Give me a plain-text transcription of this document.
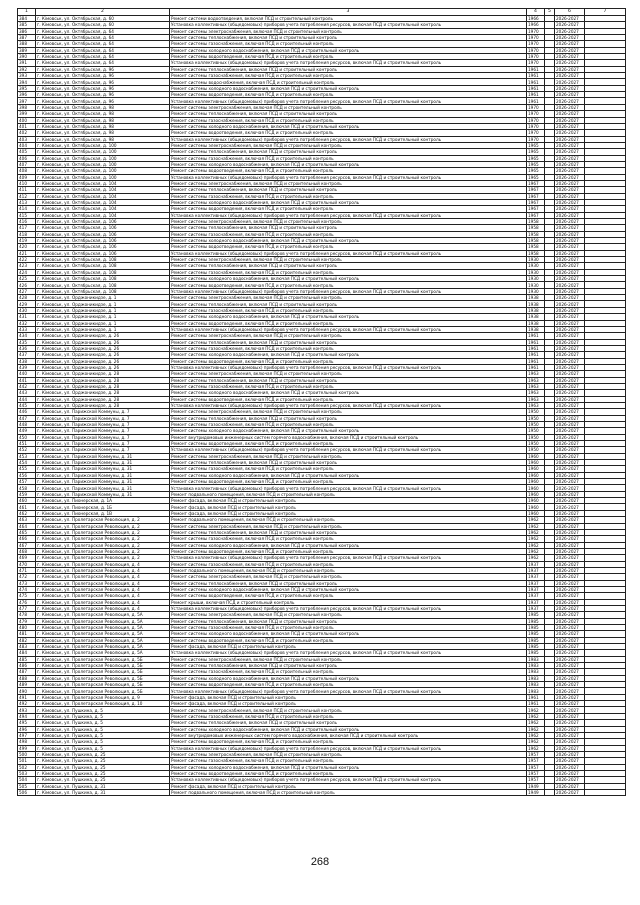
1	2	3	4	5	6	7
384	г. Кімовськ, ул. Октябрьская, д. 60	Ремонт системи водоотведения, включая ПСД и строительный контроль	1966		2026-2027	
385	г. Кімовськ, ул. Октябрьская, д. 60	Установка коллективных (общедомовых) приборов учета потребления ресурсов, включая ПСД и строительный контроль	1966		2026-2027	
386	г. Кімовськ, ул. Октябрьская, д. 64	Ремонт системы электроснабжения, включая ПСД и строительный контроль	1970		2026-2027	
387	г. Кімовськ, ул. Октябрьская, д. 64	Ремонт системы теплоснабжения, включая ПСД и строительный контроль	1970		2026-2027	
388	г. Кімовськ, ул. Октябрьская, д. 64	Ремонт системы газоснабжения, включая ПСД и строительный контроль	1970		2026-2027	
389	г. Кімовськ, ул. Октябрьская, д. 64	Ремонт системы холодного водоснабжения, включая ПСД и строительный контроль	1970		2026-2027	
390	г. Кімовськ, ул. Октябрьская, д. 64	Ремонт системы водоотведения, включая ПСД и строительный контроль	1970		2026-2027	
391	г. Кімовськ, ул. Октябрьская, д. 64	Установка коллективных (общедомовых) приборов учета потребления ресурсов, включая ПСД и строительный контроль	1970		2026-2027	
392	г. Кімовськ, ул. Октябрьская, д. 96	Ремонт системы теплоснабжения, включая ПСД и строительный контроль	1961		2026-2027	
393	г. Кімовськ, ул. Октябрьская, д. 96	Ремонт системы газоснабжения, включая ПСД и строительный контроль	1961		2026-2027	
394	г. Кімовськ, ул. Октябрьская, д. 96	Ремонт системы водоснабжения, включая ПСД и строительный контроль	1961		2026-2027	
395	г. Кімовськ, ул. Октябрьская, д. 96	Ремонт системы холодного водоснабжения, включая ПСД и строительный контроль	1961		2026-2027	
396	г. Кімовськ, ул. Октябрьская, д. 96	Ремонт системы водоотведения, включая ПСД и строительный контроль	1961		2026-2027	
397	г. Кімовськ, ул. Октябрьская, д. 96	Установка коллективных (общедомовых) приборов учета потребления ресурсов, включая ПСД и строительный контроль	1961		2026-2027	
398	г. Кімовськ, ул. Октябрьская, д. 98	Ремонт системы электроснабжения, включая ПСД и строительный контроль	1970		2026-2027	
399	г. Кімовськ, ул. Октябрьская, д. 98	Ремонт системы теплоснабжения, включая ПСД и строительный контроль	1970		2026-2027	
400	г. Кімовськ, ул. Октябрьская, д. 98	Ремонт системы газоснабжения, включая ПСД и строительный контроль	1970		2026-2027	
401	г. Кімовськ, ул. Октябрьская, д. 98	Ремонт системы холодного водоснабжения, включая ПСД и строительный контроль	1970		2026-2027	
402	г. Кімовськ, ул. Октябрьская, д. 98	Ремонт системы водоотведения, включая ПСД и строительный контроль	1970		2026-2027	
403	г. Кімовськ, ул. Октябрьская, д. 98	Установка коллективных (общедомовых) приборов учета потребления ресурсов, включая ПСД и строительный контроль	1970		2026-2027	
404	г. Кімовськ, ул. Октябрьская, д. 100	Ремонт системы электроснабжения, включая ПСД и строительный контроль	1965		2026-2027	
405	г. Кімовськ, ул. Октябрьская, д. 100	Ремонт системы теплоснабжения, включая ПСД и строительный контроль	1965		2026-2027	
406	г. Кімовськ, ул. Октябрьская, д. 100	Ремонт системы газоснабжения, включая ПСД и строительный контроль	1965		2026-2027	
407	г. Кімовськ, ул. Октябрьская, д. 100	Ремонт системы холодного водоснабжения, включая ПСД и строительный контроль	1965		2026-2027	
408	г. Кімовськ, ул. Октябрьская, д. 100	Ремонт системы водоотведения, включая ПСД и строительный контроль	1965		2026-2027	
409	г. Кімовськ, ул. Октябрьская, д. 100	Установка коллективных (общедомовых) приборов учета потребления ресурсов, включая ПСД и строительный контроль	1965		2026-2027	
410	г. Кімовськ, ул. Октябрьская, д. 104	Ремонт системы электроснабжения, включая ПСД и строительный контроль	1967		2026-2027	
411	г. Кімовськ, ул. Октябрьская, д. 104	Ремонт системы теплоснабжения, включая ПСД и строительный контроль	1967		2026-2027	
412	г. Кімовськ, ул. Октябрьская, д. 104	Ремонт системы газоснабжения, включая ПСД и строительный контроль	1967		2026-2027	
413	г. Кімовськ, ул. Октябрьская, д. 104	Ремонт системы холодного водоснабжения, включая ПСД и строительный контроль	1967		2026-2027	
414	г. Кімовськ, ул. Октябрьская, д. 104	Ремонт системы водоотведения, включая ПСД и строительный контроль	1967		2026-2027	
415	г. Кімовськ, ул. Октябрьская, д. 104	Установка коллективных (общедомовых) приборов учета потребления ресурсов, включая ПСД и строительный контроль	1967		2026-2027	
416	г. Кімовськ, ул. Октябрьская, д. 106	Ремонт системы электроснабжения, включая ПСД и строительный контроль	1958		2026-2027	
417	г. Кімовськ, ул. Октябрьская, д. 106	Ремонт системы теплоснабжения, включая ПСД и строительный контроль	1958		2026-2027	
418	г. Кімовськ, ул. Октябрьская, д. 106	Ремонт системы газоснабжения, включая ПСД и строительный контроль	1958		2026-2027	
419	г. Кімовськ, ул. Октябрьская, д. 106	Ремонт системы холодного водоснабжения, включая ПСД и строительный контроль	1958		2026-2027	
420	г. Кімовськ, ул. Октябрьская, д. 106	Ремонт системы водоотведения, включая ПСД и строительный контроль	1958		2026-2027	
421	г. Кімовськ, ул. Октябрьская, д. 106	Установка коллективных (общедомовых) приборов учета потребления ресурсов, включая ПСД и строительный контроль	1958		2026-2027	
422	г. Кімовськ, ул. Октябрьская, д. 108	Ремонт системы электроснабжения, включая ПСД и строительный контроль	1930		2026-2027	
423	г. Кімовськ, ул. Октябрьская, д. 108	Ремонт системы теплоснабжения, включая ПСД и строительный контроль	1930		2026-2027	
424	г. Кімовськ, ул. Октябрьская, д. 108	Ремонт системы газоснабжения, включая ПСД и строительный контроль	1930		2026-2027	
425	г. Кімовськ, ул. Октябрьская, д. 108	Ремонт системы холодного водоснабжения, включая ПСД и строительный контроль	1930		2026-2027	
426	г. Кімовськ, ул. Октябрьская, д. 108	Ремонт системы водоотведения, включая ПСД и строительный контроль	1930		2026-2027	
427	г. Кімовськ, ул. Октябрьская, д. 108	Установка коллективных (общедомовых) приборов учета потребления ресурсов, включая ПСД и строительный контроль	1930		2026-2027	
428	г. Кімовськ, ул. Орджоникидзе, д. 1	Ремонт системы электроснабжения, включая ПСД и строительный контроль	1938		2026-2027	
429	г. Кімовськ, ул. Орджоникидзе, д. 1	Ремонт системы теплоснабжения, включая ПСД и строительный контроль	1938		2026-2027	
430	г. Кімовськ, ул. Орджоникидзе, д. 1	Ремонт системы газоснабжения, включая ПСД и строительный контроль	1938		2026-2027	
431	г. Кімовськ, ул. Орджоникидзе, д. 1	Ремонт системы холодного водоснабжения, включая ПСД и строительный контроль	1938		2026-2027	
432	г. Кімовськ, ул. Орджоникидзе, д. 1	Ремонт системы водоотведения, включая ПСД и строительный контроль	1938		2026-2027	
433	г. Кімовськ, ул. Орджоникидзе, д. 1	Установка коллективных (общедомовых) приборов учета потребления ресурсов, включая ПСД и строительный контроль	1938		2026-2027	
434	г. Кімовськ, ул. Орджоникидзе, д. 26	Ремонт системы электроснабжения, включая ПСД и строительный контроль	1961		2026-2027	
435	г. Кімовськ, ул. Орджоникидзе, д. 26	Ремонт системы теплоснабжения, включая ПСД и строительный контроль	1961		2026-2027	
436	г. Кімовськ, ул. Орджоникидзе, д. 26	Ремонт системы газоснабжения, включая ПСД и строительный контроль	1961		2026-2027	
437	г. Кімовськ, ул. Орджоникидзе, д. 26	Ремонт системы холодного водоснабжения, включая ПСД и строительный контроль	1961		2026-2027	
438	г. Кімовськ, ул. Орджоникидзе, д. 26	Ремонт системы водоотведения, включая ПСД и строительный контроль	1961		2026-2027	
439	г. Кімовськ, ул. Орджоникидзе, д. 26	Установка коллективных (общедомовых) приборов учета потребления ресурсов, включая ПСД и строительный контроль	1961		2026-2027	
440	г. Кімовськ, ул. Орджоникидзе, д. 28	Ремонт системы электроснабжения, включая ПСД и строительный контроль	1963		2026-2027	
441	г. Кімовськ, ул. Орджоникидзе, д. 28	Ремонт системы теплоснабжения, включая ПСД и строительный контроль	1963		2026-2027	
442	г. Кімовськ, ул. Орджоникидзе, д. 28	Ремонт системы газоснабжения, включая ПСД и строительный контроль	1963		2026-2027	
443	г. Кімовськ, ул. Орджоникидзе, д. 28	Ремонт системы холодного водоснабжения, включая ПСД и строительный контроль	1963		2026-2027	
444	г. Кімовськ, ул. Орджоникидзе, д. 28	Ремонт системы водоотведения, включая ПСД и строительный контроль	1963		2026-2027	
445	г. Кімовськ, ул. Орджоникидзе, д. 28	Установка коллективных (общедомовых) приборов учета потребления ресурсов, включая ПСД и строительный контроль	1963		2026-2027	
446	г. Кімовськ, ул. Парижской Коммуны, д. 7	Ремонт системы электроснабжения, включая ПСД и строительный контроль	1950		2026-2027	
447	г. Кімовськ, ул. Парижской Коммуны, д. 7	Ремонт системы теплоснабжения, включая ПСД и строительный контроль	1950		2026-2027	
448	г. Кімовськ, ул. Парижской Коммуны, д. 7	Ремонт системы газоснабжения, включая ПСД и строительный контроль	1950		2026-2027	
449	г. Кімовськ, ул. Парижской Коммуны, д. 7	Ремонт системы холодного водоснабжения, включая ПСД и строительный контроль	1950		2026-2027	
450	г. Кімовськ, ул. Парижской Коммуны, д. 7	Ремонт внутридомовых инженерных систем горячего водоснабжения, включая ПСД и строительный контроль	1950		2026-2027	
451	г. Кімовськ, ул. Парижской Коммуны, д. 7	Ремонт системы водоотведения, включая ПСД и строительный контроль	1950		2026-2027	
452	г. Кімовськ, ул. Парижской Коммуны, д. 7	Установка коллективных (общедомовых) приборов учета потребления ресурсов, включая ПСД и строительный контроль	1950		2026-2027	
453	г. Кімовськ, ул. Парижской Коммуны, д. 31	Ремонт системы электроснабжения, включая ПСД и строительный контроль	1960		2026-2027	
454	г. Кімовськ, ул. Парижской Коммуны, д. 31	Ремонт системы теплоснабжения, включая ПСД и строительный контроль	1960		2026-2027	
455	г. Кімовськ, ул. Парижской Коммуны, д. 31	Ремонт системы газоснабжения, включая ПСД и строительный контроль	1960		2026-2027	
456	г. Кімовськ, ул. Парижской Коммуны, д. 31	Ремонт системы холодного водоснабжения, включая ПСД и строительный контроль	1960		2026-2027	
457	г. Кімовськ, ул. Парижской Коммуны, д. 31	Ремонт системы водоотведения, включая ПСД и строительный контроль	1960		2026-2027	
458	г. Кімовськ, ул. Парижской Коммуны, д. 31	Установка коллективных (общедомовых) приборов учета потребления ресурсов, включая ПСД и строительный контроль	1960		2026-2027	
459	г. Кімовськ, ул. Парижской Коммуны, д. 31	Ремонт подвального помещения, включая ПСД и строительный контроль	1960		2026-2027	
460	г. Кімовськ, ул. Пионерская, д. 1А	Ремонт фасада, включая ПСД и строительный контроль	1960		2026-2027	
461	г. Кімовськ, ул. Пионерская, д. 1Б	Ремонт фасада, включая ПСД и строительный контроль	1960		2026-2027	
462	г. Кімовськ, ул. Пионерская, д. 1В	Ремонт фасада, включая ПСД и строительный контроль	1960		2026-2027	
463	г. Кімовськ, ул. Пролетарская Революция, д. 2	Ремонт подвального помещения, включая ПСД и строительный контроль	1962		2026-2027	
464	г. Кімовськ, ул. Пролетарская Революция, д. 2	Ремонт системы электроснабжения, включая ПСД и строительный контроль	1962		2026-2027	
465	г. Кімовськ, ул. Пролетарская Революция, д. 2	Ремонт системы теплоснабжения, включая ПСД и строительный контроль	1962		2026-2027	
466	г. Кімовськ, ул. Пролетарская Революция, д. 2	Ремонт системы газоснабжения, включая ПСД и строительный контроль	1962		2026-2027	
467	г. Кімовськ, ул. Пролетарская Революция, д. 2	Ремонт системы холодного водоснабжения, включая ПСД и строительный контроль	1962		2026-2027	
468	г. Кімовськ, ул. Пролетарская Революция, д. 2	Ремонт системы водоотведения, включая ПСД и строительный контроль	1962		2026-2027	
469	г. Кімовськ, ул. Пролетарская Революция, д. 2	Установка коллективных (общедомовых) приборов учета потребления ресурсов, включая ПСД и строительный контроль	1962		2026-2027	
470	г. Кімовськ, ул. Пролетарская Революция, д. 4	Ремонт системы газоснабжения, включая ПСД и строительный контроль	1937		2026-2027	
471	г. Кімовськ, ул. Пролетарская Революция, д. 4	Ремонт подвального помещения, включая ПСД и строительный контроль	1937		2026-2027	
472	г. Кімовськ, ул. Пролетарская Революция, д. 4	Ремонт системы электроснабжения, включая ПСД и строительный контроль	1937		2026-2027	
473	г. Кімовськ, ул. Пролетарская Революция, д. 4	Ремонт системы теплоснабжения, включая ПСД и строительный контроль	1937		2026-2027	
474	г. Кімовськ, ул. Пролетарская Революция, д. 4	Ремонт системы холодного водоснабжения, включая ПСД и строительный контроль	1937		2026-2027	
475	г. Кімовськ, ул. Пролетарская Революция, д. 4	Ремонт системы водоотведения, включая ПСД и строительный контроль	1937		2026-2027	
476	г. Кімовськ, ул. Пролетарская Революция, д. 4	Ремонт крыши, включая ПСД и строительный контроль	1937		2026-2027	
477	г. Кімовськ, ул. Пролетарская Революция, д. 4	Установка коллективных (общедомовых) приборов учета потребления ресурсов, включая ПСД и строительный контроль	1937		2026-2027	
478	г. Кімовськ, ул. Пролетарская Революция, д. 5А	Ремонт системы электроснабжения, включая ПСД и строительный контроль	1985		2026-2027	
479	г. Кімовськ, ул. Пролетарская Революция, д. 5А	Ремонт системы теплоснабжения, включая ПСД и строительный контроль	1985		2026-2027	
480	г. Кімовськ, ул. Пролетарская Революция, д. 5А	Ремонт системы газоснабжения, включая ПСД и строительный контроль	1985		2026-2027	
481	г. Кімовськ, ул. Пролетарская Революция, д. 5А	Ремонт системы холодного водоснабжения, включая ПСД и строительный контроль	1985		2026-2027	
482	г. Кімовськ, ул. Пролетарская Революция, д. 5А	Ремонт системы водоотведения, включая ПСД и строительный контроль	1985		2026-2027	
483	г. Кімовськ, ул. Пролетарская Революция, д. 5А	Ремонт фасада, включая ПСД и строительный контроль	1985		2026-2027	
484	г. Кімовськ, ул. Пролетарская Революция, д. 5А	Установка коллективных (общедомовых) приборов учета потребления ресурсов, включая ПСД и строительный контроль	1985		2026-2027	
485	г. Кімовськ, ул. Пролетарская Революция, д. 5Б	Ремонт системы электроснабжения, включая ПСД и строительный контроль	1983		2026-2027	
486	г. Кімовськ, ул. Пролетарская Революция, д. 5Б	Ремонт системы теплоснабжения, включая ПСД и строительный контроль	1983		2026-2027	
487	г. Кімовськ, ул. Пролетарская Революция, д. 5Б	Ремонт системы газоснабжения, включая ПСД и строительный контроль	1983		2026-2027	
488	г. Кімовськ, ул. Пролетарская Революция, д. 5Б	Ремонт системы холодного водоснабжения, включая ПСД и строительный контроль	1983		2026-2027	
489	г. Кімовськ, ул. Пролетарская Революция, д. 5Б	Ремонт системы водоотведения, включая ПСД и строительный контроль	1983		2026-2027	
490	г. Кімовськ, ул. Пролетарская Революция, д. 5Б	Установка коллективных (общедомовых) приборов учета потребления ресурсов, включая ПСД и строительный контроль	1983		2026-2027	
491	г. Кімовськ, ул. Пролетарская Революция, д. 9	Ремонт фасада, включая ПСД и строительный контроль	1961		2026-2027	
492	г. Кімовськ, ул. Пролетарская Революция, д. 10	Ремонт фасада, включая ПСД и строительный контроль	1961		2026-2027	
493	г. Кімовськ, ул. Пушкина, д. 5	Ремонт системы электроснабжения, включая ПСД и строительный контроль	1962		2026-2027	
494	г. Кімовськ, ул. Пушкина, д. 5	Ремонт системы газоснабжения, включая ПСД и строительный контроль	1962		2026-2027	
495	г. Кімовськ, ул. Пушкина, д. 5	Ремонт системы теплоснабжения, включая ПСД и строительный контроль	1962		2026-2027	
496	г. Кімовськ, ул. Пушкина, д. 5	Ремонт системы холодного водоснабжения, включая ПСД и строительный контроль	1962		2026-2027	
497	г. Кімовськ, ул. Пушкина, д. 5	Ремонт внутридомовых инженерных систем горячего водоснабжения, включая ПСД и строительный контроль	1962		2026-2027	
498	г. Кімовськ, ул. Пушкина, д. 5	Ремонт системы водоотведения, включая ПСД и строительный контроль	1962		2026-2027	
499	г. Кімовськ, ул. Пушкина, д. 5	Установка коллективных (общедомовых) приборов учета потребления ресурсов, включая ПСД и строительный контроль	1962		2026-2027	
500	г. Кімовськ, ул. Пушкина, д. 25	Ремонт системы электроснабжения, включая ПСД и строительный контроль	1957		2026-2027	
501	г. Кімовськ, ул. Пушкина, д. 25	Ремонт системы газоснабжения, включая ПСД и строительный контроль	1957		2026-2027	
502	г. Кімовськ, ул. Пушкина, д. 25	Ремонт системы холодного водоснабжения, включая ПСД и строительный контроль	1957		2026-2027	
503	г. Кімовськ, ул. Пушкина, д. 25	Ремонт системы водоотведения, включая ПСД и строительный контроль	1957		2026-2027	
504	г. Кімовськ, ул. Пушкина, д. 25	Установка коллективных (общедомовых) приборов учета потребления ресурсов, включая ПСД и строительный контроль	1957		2026-2027	
505	г. Кімовськ, ул. Пушкина, д. 31	Ремонт фасада, включая ПСД и строительный контроль	1949		2026-2027	
506	г. Кімовськ, ул. Пушкина, д. 31	Ремонт подвального помещения, включая ПСД и строительный контроль	1949		2026-2027	
268
